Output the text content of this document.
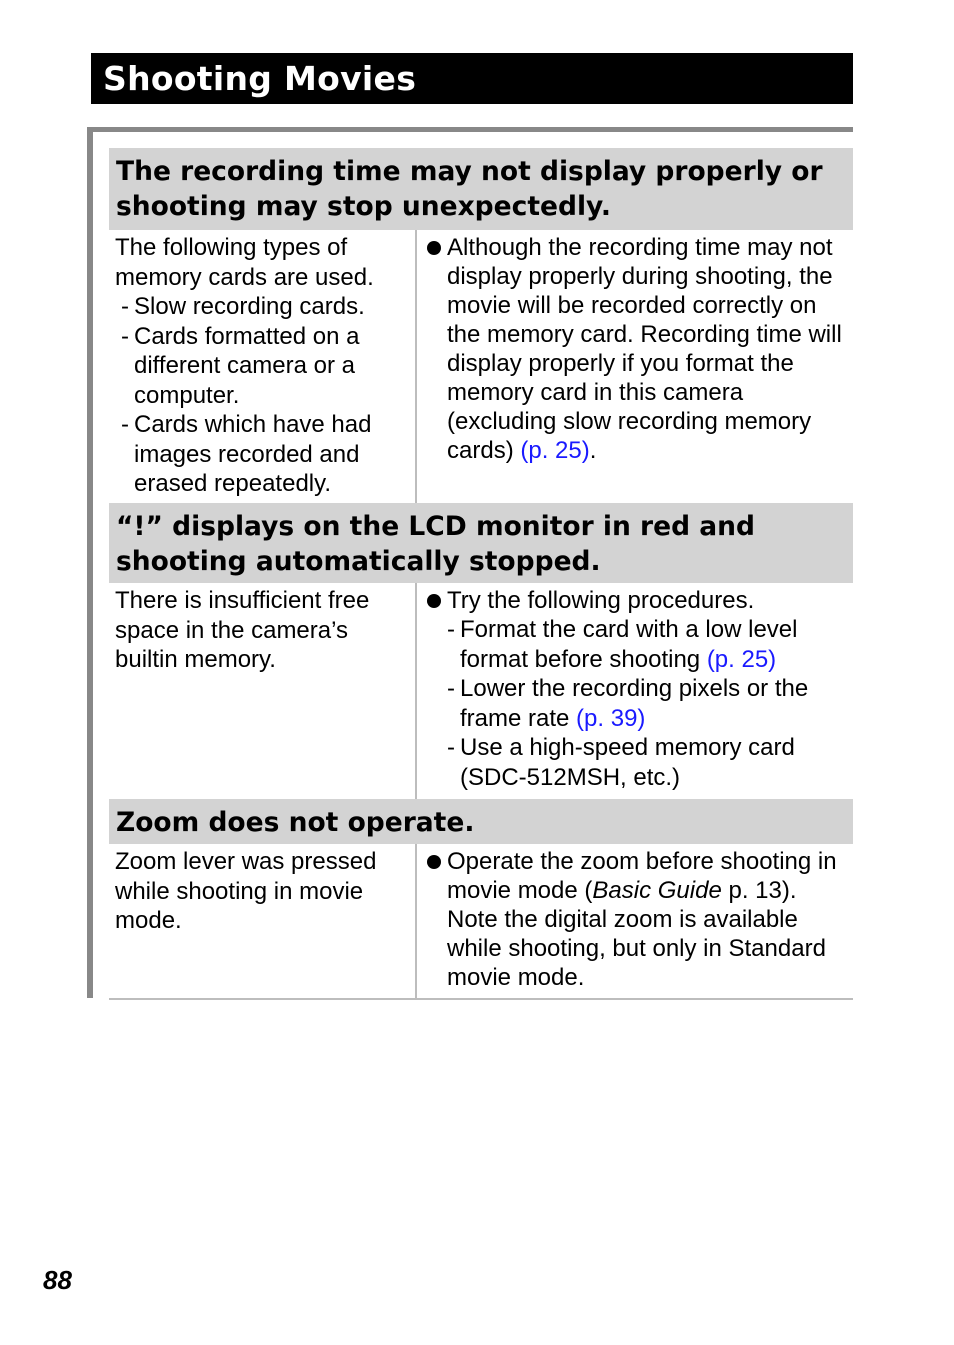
Shooting Movies
The recording time may not display properly or shooting may stop unexpectedly.
The following types of memory cards are used.
- Slow recording cards.
- Cards formatted on a different camera or a computer.
- Cards which have had images recorded and erased repeatedly.
Although the recording time may not display properly during shooting, the movie will be recorded correctly on the memory card. Recording time will display properly if you format the memory card in this camera (excluding slow recording memory cards) (p. 25).
“!” displays on the LCD monitor in red and shooting automatically stopped.
There is insufficient free space in the camera’s builtin memory.
Try the following procedures.
- Format the card with a low level format before shooting (p. 25)
- Lower the recording pixels or the frame rate (p. 39)
- Use a high-speed memory card (SDC-512MSH, etc.)
Zoom does not operate.
Zoom lever was pressed while shooting in movie mode.
Operate the zoom before shooting in movie mode (Basic Guide p. 13). Note the digital zoom is available while shooting, but only in Standard movie mode.
88
